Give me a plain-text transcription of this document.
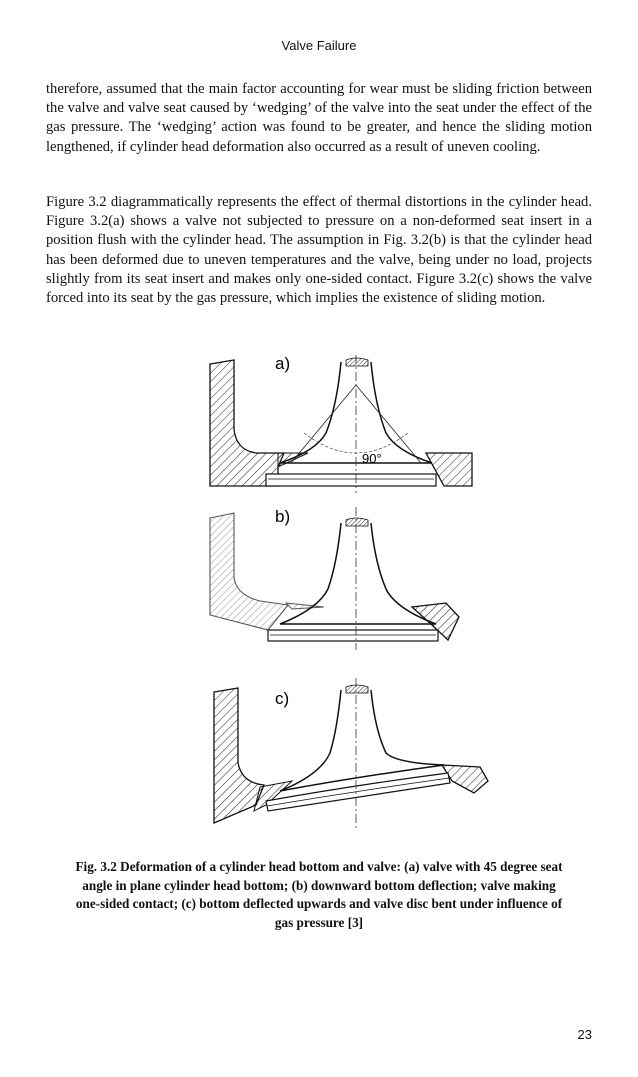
Valve Failure

therefore, assumed that the main factor accounting for wear must be sliding friction between the valve and valve seat caused by ‘wedging’ of the valve into the seat under the effect of the gas pressure. The ‘wedging’ action was found to be greater, and hence the sliding motion lengthened, if cylinder head deformation also occurred as a result of uneven cooling.

Figure 3.2 diagrammatically represents the effect of thermal distortions in the cylinder head. Figure 3.2(a) shows a valve not subjected to pressure on a non-deformed seat insert in a position flush with the cylinder head. The assumption in Fig. 3.2(b) is that the cylinder head has been deformed due to uneven temperatures and the valve, being under no load, projects slightly from its seat insert and makes only one-sided contact. Figure 3.2(c) shows the valve forced into its seat by the gas pressure, which implies the existence of sliding motion.

a)
90°
b)
c)
Fig. 3.2 Deformation of a cylinder head bottom and valve: (a) valve with 45 degree seat
angle in plane cylinder head bottom; (b) downward bottom deflection; valve making
one-sided contact; (c) bottom deflected upwards and valve disc bent under influence of
gas pressure [3]
23
